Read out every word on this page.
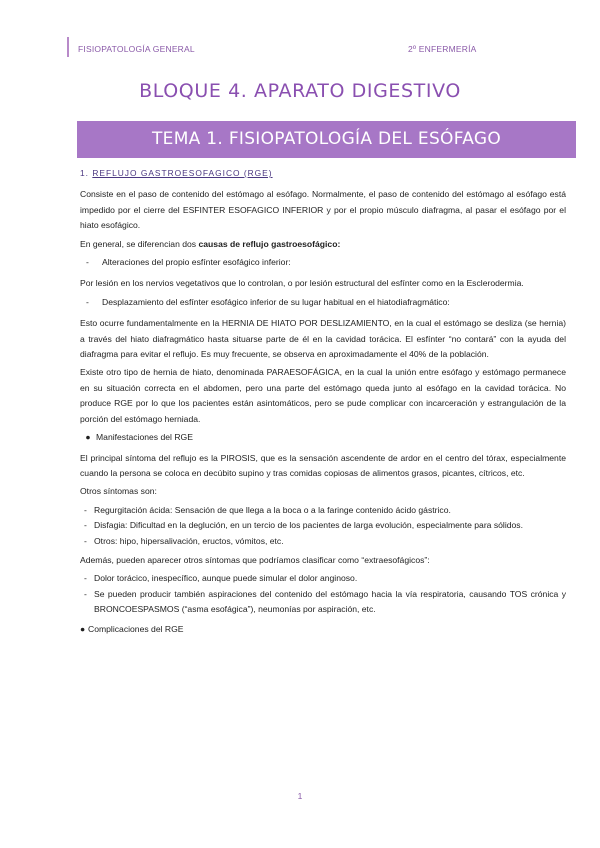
FISIOPATOLOGÍA GENERAL	2º ENFERMERÍA
BLOQUE 4. APARATO DIGESTIVO
TEMA 1. FISIOPATOLOGÍA DEL ESÓFAGO
1. REFLUJO GASTROESOFAGICO (RGE)

Consiste en el paso de contenido del estómago al esófago. Normalmente, el paso de contenido del estómago al esófago está impedido por el cierre del ESFINTER ESOFAGICO INFERIOR y por el propio músculo diafragma, al pasar el esófago por el hiato esofágico.

En general, se diferencian dos causas de reflujo gastroesofágico:

-	Alteraciones del propio esfínter esofágico inferior:

Por lesión en los nervios vegetativos que lo controlan, o por lesión estructural del esfínter como en la Esclerodermia.

-	Desplazamiento del esfínter esofágico inferior de su lugar habitual en el hiatodiafragmático:

Esto ocurre fundamentalmente en la HERNIA DE HIATO POR DESLIZAMIENTO, en la cual el estómago se desliza (se hernia) a través del hiato diafragmático hasta situarse parte de él en la cavidad torácica. El esfínter “no contará” con la ayuda del diafragma para evitar el reflujo. Es muy frecuente, se observa en aproximadamente el 40% de la población.

Existe otro tipo de hernia de hiato, denominada PARAESOFÁGICA, en la cual la unión entre esófago y estómago permanece en su situación correcta en el abdomen, pero una parte del estómago queda junto al esófago en la cavidad torácica. No produce RGE por lo que los pacientes están asintomáticos, pero se pude complicar con incarceración y estrangulación de la porción del estómago herniada.

● Manifestaciones del RGE

El principal síntoma del reflujo es la PIROSIS, que es la sensación ascendente de ardor en el centro del tórax, especialmente cuando la persona se coloca en decúbito supino y tras comidas copiosas de alimentos grasos, picantes, cítricos, etc.

Otros síntomas son:

- Regurgitación ácida: Sensación de que llega a la boca o a la faringe contenido ácido gástrico.
- Disfagia: Dificultad en la deglución, en un tercio de los pacientes de larga evolución, especialmente para sólidos.
- Otros: hipo, hipersalivación, eructos, vómitos, etc.

Además, pueden aparecer otros síntomas que podríamos clasificar como “extraesofágicos”:

- Dolor torácico, inespecífico, aunque puede simular el dolor anginoso.
- Se pueden producir también aspiraciones del contenido del estómago hacia la vía respiratoria, causando TOS crónica y BRONCOESPASMOS (“asma esofágica”), neumonías por aspiración, etc.
● Complicaciones del RGE
1
